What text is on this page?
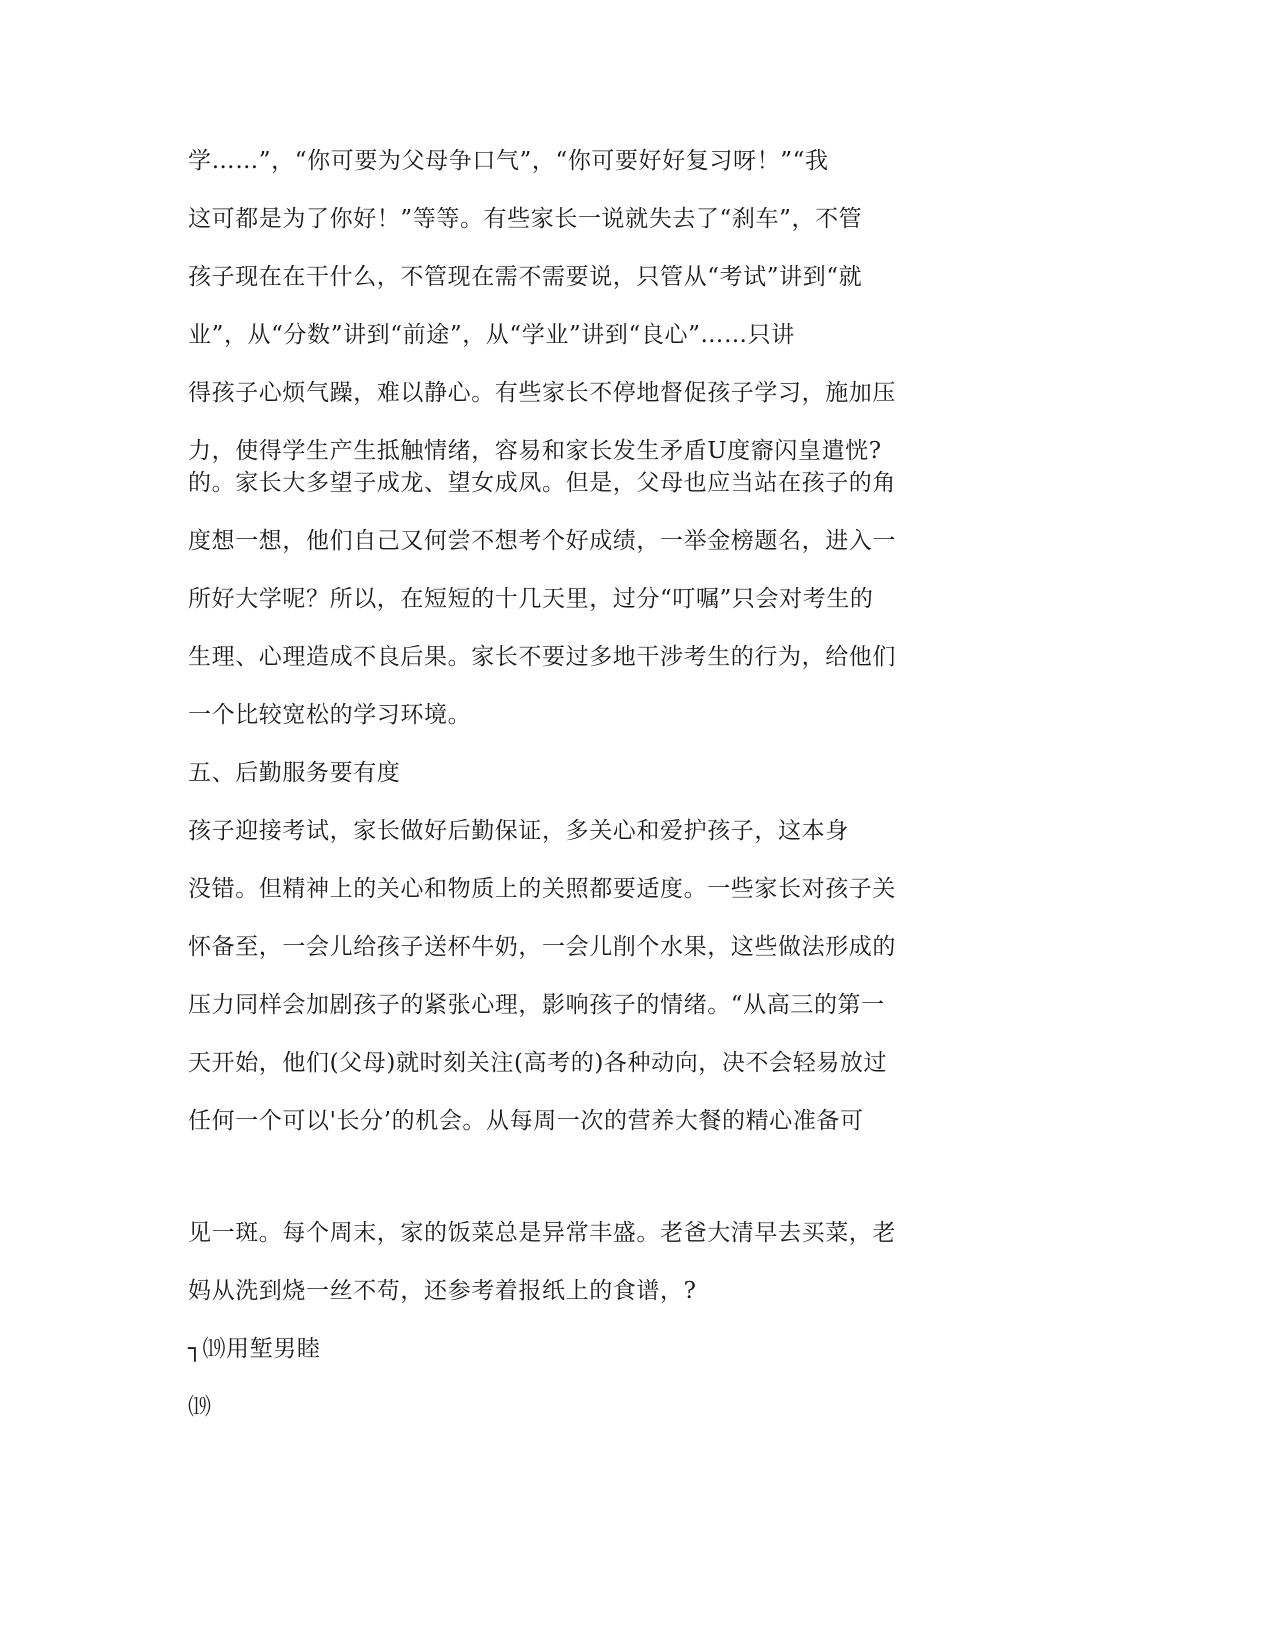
学……”，“你可要为父母争口气”，“你可要好好复习呀！”“我

这可都是为了你好！”等等。有些家长一说就失去了“刹车”，不管

孩子现在在干什么，不管现在需不需要说，只管从“考试”讲到“就

业”，从“分数”讲到“前途”，从“学业”讲到“良心”……只讲

得孩子心烦气躁，难以静心。有些家长不停地督促孩子学习，施加压

力，使得学生产生抵触情绪，容易和家长发生矛盾U度窬闪皇遣恍?

的。家长大多望子成龙、望女成凤。但是，父母也应当站在孩子的角

度想一想，他们自己又何尝不想考个好成绩，一举金榜题名，进入一

所好大学呢？所以，在短短的十几天里，过分“叮嘱”只会对考生的

生理、心理造成不良后果。家长不要过多地干涉考生的行为，给他们

一个比较宽松的学习环境。

五、后勤服务要有度

孩子迎接考试，家长做好后勤保证，多关心和爱护孩子，这本身

没错。但精神上的关心和物质上的关照都要适度。一些家长对孩子关

怀备至，一会儿给孩子送杯牛奶，一会儿削个水果，这些做法形成的

压力同样会加剧孩子的紧张心理，影响孩子的情绪。“从高三的第一

天开始，他们(父母)就时刻关注(高考的)各种动向，决不会轻易放过

任何一个可以'长分’的机会。从每周一次的营养大餐的精心准备可

见一斑。每个周末，家的饭菜总是异常丰盛。老爸大清早去买菜，老

妈从洗到烧一丝不苟，还参考着报纸上的食谱，?

┐⒆用堑男睦

⒆
